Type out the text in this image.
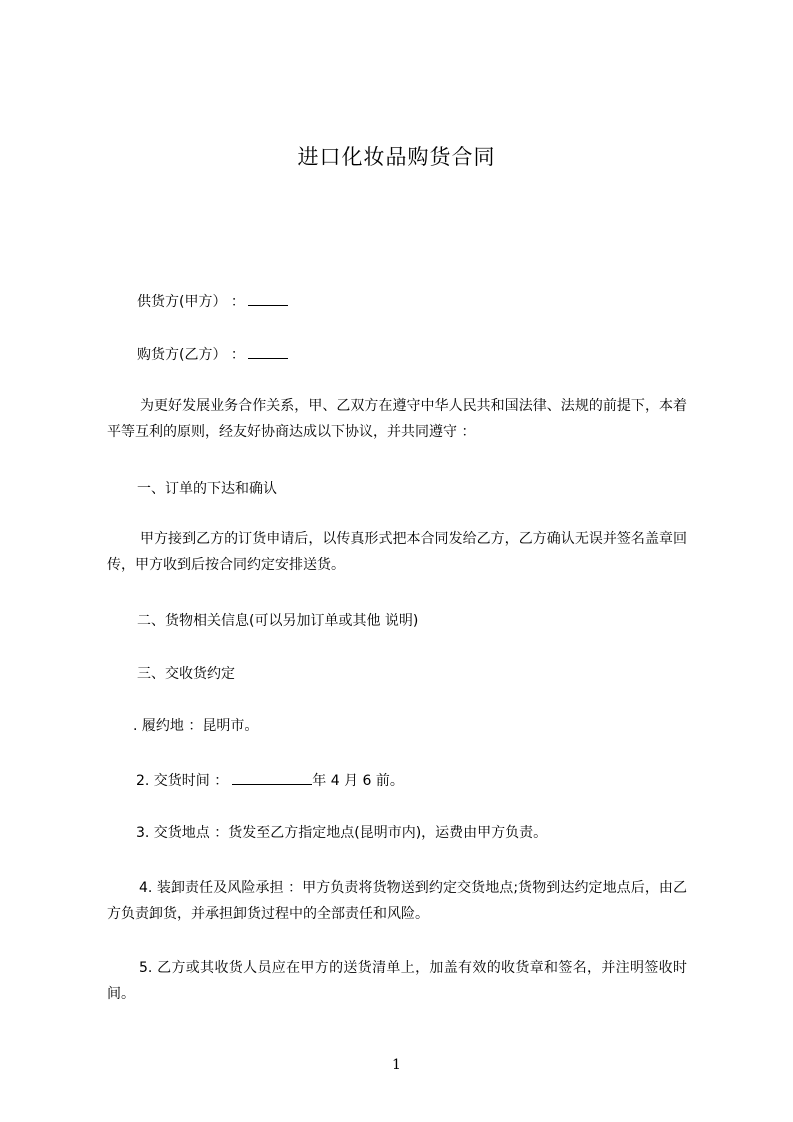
进口化妆品购货合同
供货方(甲方） ：
购货方(乙方） ：
为更好发展业务合作关系，甲、乙双方在遵守中华人民共和国法律、法规的前提下，本着平等互利的原则，经友好协商达成以下协议，并共同遵守 ：
一、订单的下达和确认
甲方接到乙方的订货申请后，以传真形式把本合同发给乙方，乙方确认无误并签名盖章回传，甲方收到后按合同约定安排送货。
二、货物相关信息(可以另加订单或其他 说明)
三、交收货约定
. 履约地 ：昆明市。
2. 交货时间 ：	年 4 月 6 前。
3. 交货地点 ：货发至乙方指定地点(昆明市内)，运费由甲方负责。
4. 装卸责任及风险承担 ：甲方负责将货物送到约定交货地点;货物到达约定地点后，由乙方负责卸货，并承担卸货过程中的全部责任和风险。
5. 乙方或其收货人员应在甲方的送货清单上，加盖有效的收货章和签名，并注明签收时间。
1
